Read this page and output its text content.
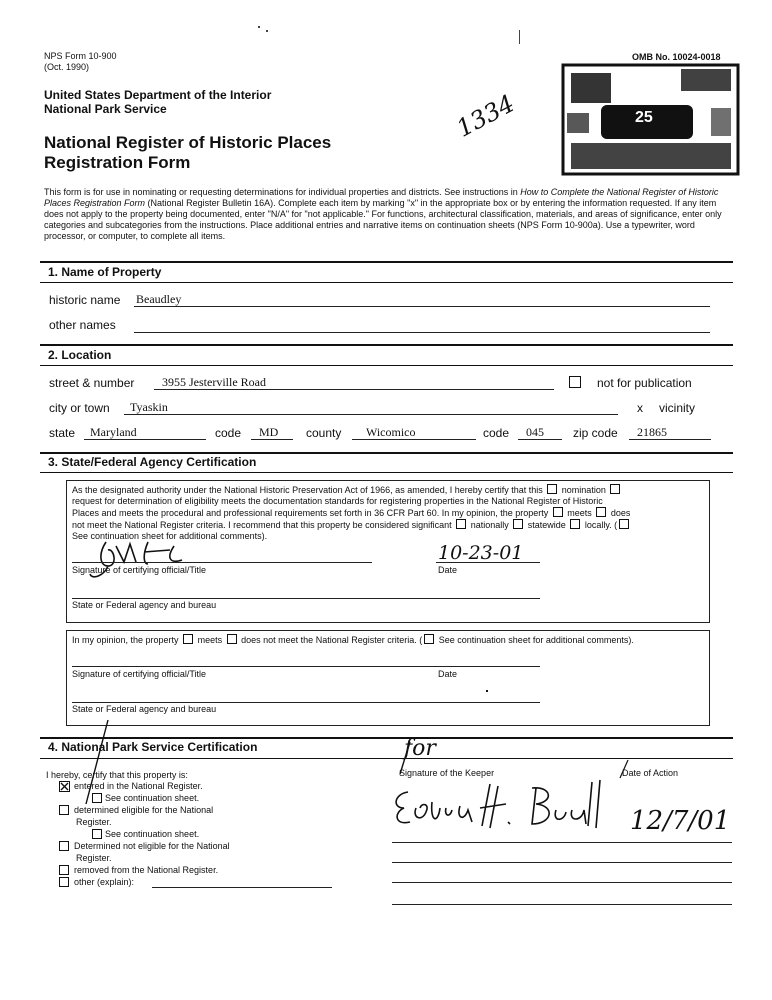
NPS Form 10-900
(Oct. 1990)
OMB No. 10024-0018
United States Department of the Interior
National Park Service
National Register of Historic Places
Registration Form
1334	25
This form is for use in nominating or requesting determinations for individual properties and districts. See instructions in How to Complete the National Register of Historic Places Registration Form (National Register Bulletin 16A). Complete each item by marking "x" in the appropriate box or by entering the information requested. If any item does not apply to the property being documented, enter "N/A" for "not applicable." For functions, architectural classification, materials, and areas of significance, enter only categories and subcategories from the instructions. Place additional entries and narrative items on continuation sheets (NPS Form 10-900a). Use a typewriter, word processor, or computer, to complete all items.
1. Name of Property
historic name Beaudley
other names
2. Location
street & number 3955 Jesterville Road	not for publication
city or town Tyaskin	x vicinity
state Maryland	code MD county Wicomico	code 045 zip code 21865
3. State/Federal Agency Certification
As the designated authority under the National Historic Preservation Act of 1966, as amended, I hereby certify that this nomination
request for determination of eligibility meets the documentation standards for registering properties in the National Register of Historic
Places and meets the procedural and professional requirements set forth in 36 CFR Part 60. In my opinion, the property meets does
not meet the National Register criteria. I recommend that this property be considered significant nationally statewide locally. (
See continuation sheet for additional comments).
Signature of certifying official/Title
10-23-01
Date
State or Federal agency and bureau
In my opinion, the property meets does not meet the National Register criteria. ( See continuation sheet for additional comments).
Signature of certifying official/Title	Date
State or Federal agency and bureau
4. National Park Service Certification
I hereby, certify that this property is:
entered in the National Register.
See continuation sheet.
determined eligible for the National
Register.
See continuation sheet.
Determined not eligible for the National
Register.
removed from the National Register.
other (explain):
for
Signature of the Keeper	Date of Action
12/7/01
